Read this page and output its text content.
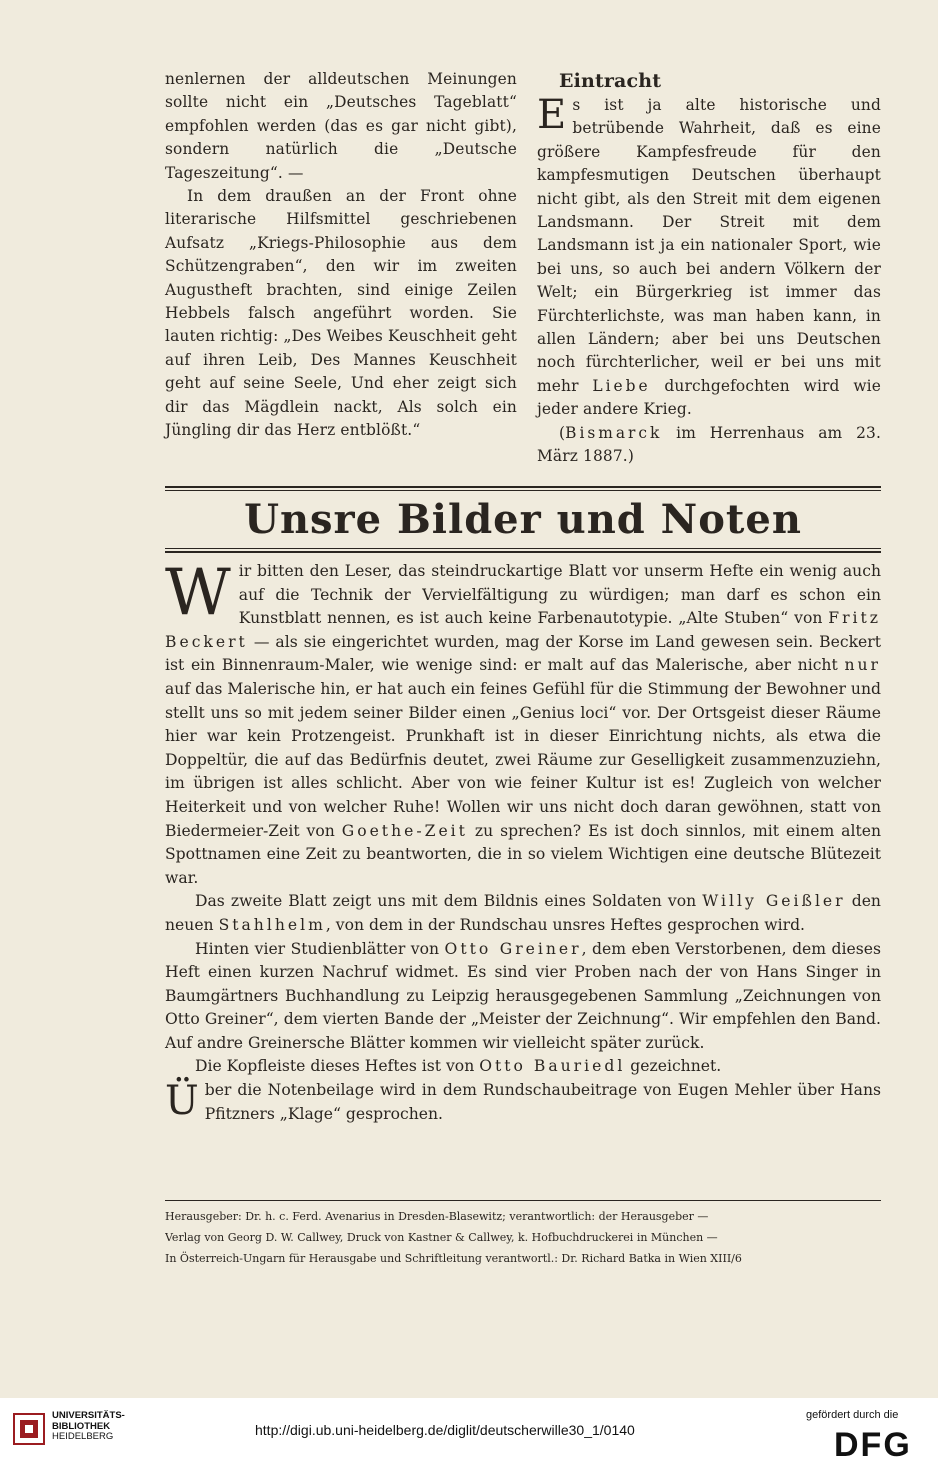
nenlernen der alldeutschen Meinungen sollte nicht ein „Deutsches Tageblatt“ empfohlen werden (das es gar nicht gibt), sondern natürlich die „Deutsche Tageszeitung“. —

In dem draußen an der Front ohne literarische Hilfsmittel geschriebenen Aufsatz „Kriegs-Philosophie aus dem Schützengraben“, den wir im zweiten Augustheft brachten, sind einige Zeilen Hebbels falsch angeführt worden. Sie lauten richtig: „Des Weibes Keuschheit geht auf ihren Leib, Des Mannes Keuschheit geht auf seine Seele, Und eher zeigt sich dir das Mägdlein nackt, Als solch ein Jüngling dir das Herz entblößt.“

Eintracht

Es ist ja alte historische und betrübende Wahrheit, daß es eine größere Kampfesfreude für den kampfesmutigen Deutschen überhaupt nicht gibt, als den Streit mit dem eigenen Landsmann. Der Streit mit dem Landsmann ist ja ein nationaler Sport, wie bei uns, so auch bei andern Völkern der Welt; ein Bürgerkrieg ist immer das Fürchterlichste, was man haben kann, in allen Ländern; aber bei uns Deutschen noch fürchterlicher, weil er bei uns mit mehr Liebe durchgefochten wird wie jeder andere Krieg.

(Bismarck im Herrenhaus am 23. März 1887.)

Unsre Bilder und Noten

Wir bitten den Leser, das steindruckartige Blatt vor unserm Hefte ein wenig auch auf die Technik der Vervielfältigung zu würdigen; man darf es schon ein Kunstblatt nennen, es ist auch keine Farbenautotypie. „Alte Stuben“ von Fritz Beckert — als sie eingerichtet wurden, mag der Korse im Land gewesen sein. Beckert ist ein Binnenraum-Maler, wie wenige sind: er malt auf das Malerische, aber nicht nur auf das Malerische hin, er hat auch ein feines Gefühl für die Stimmung der Bewohner und stellt uns so mit jedem seiner Bilder einen „Genius loci“ vor. Der Ortsgeist dieser Räume hier war kein Protzengeist. Prunkhaft ist in dieser Einrichtung nichts, als etwa die Doppeltür, die auf das Bedürfnis deutet, zwei Räume zur Geselligkeit zusammenzuziehn, im übrigen ist alles schlicht. Aber von wie feiner Kultur ist es! Zugleich von welcher Heiterkeit und von welcher Ruhe! Wollen wir uns nicht doch daran gewöhnen, statt von Biedermeier-Zeit von Goethe-Zeit zu sprechen? Es ist doch sinnlos, mit einem alten Spottnamen eine Zeit zu beantworten, die in so vielem Wichtigen eine deutsche Blütezeit war.

Das zweite Blatt zeigt uns mit dem Bildnis eines Soldaten von Willy Geißler den neuen Stahlhelm, von dem in der Rundschau unsres Heftes gesprochen wird.

Hinten vier Studienblätter von Otto Greiner, dem eben Verstorbenen, dem dieses Heft einen kurzen Nachruf widmet. Es sind vier Proben nach der von Hans Singer in Baumgärtners Buchhandlung zu Leipzig herausgegebenen Sammlung „Zeichnungen von Otto Greiner“, dem vierten Bande der „Meister der Zeichnung“. Wir empfehlen den Band. Auf andre Greinersche Blätter kommen wir vielleicht später zurück.

Die Kopfleiste dieses Heftes ist von Otto Bauriedl gezeichnet.

Über die Notenbeilage wird in dem Rundschaubeitrage von Eugen Mehler über Hans Pfitzners „Klage“ gesprochen.

Herausgeber: Dr. h. c. Ferd. Avenarius in Dresden-Blasewitz; verantwortlich: der Herausgeber —
Verlag von Georg D. W. Callwey, Druck von Kastner & Callwey, k. Hofbuchdruckerei in München —
In Österreich-Ungarn für Herausgabe und Schriftleitung verantwortl.: Dr. Richard Batka in Wien XIII/6
UNIVERSITÄTS-
BIBLIOTHEK
HEIDELBERG	http://digi.ub.uni-heidelberg.de/diglit/deutscherwille30_1/0140
gefördert durch die
DFG
